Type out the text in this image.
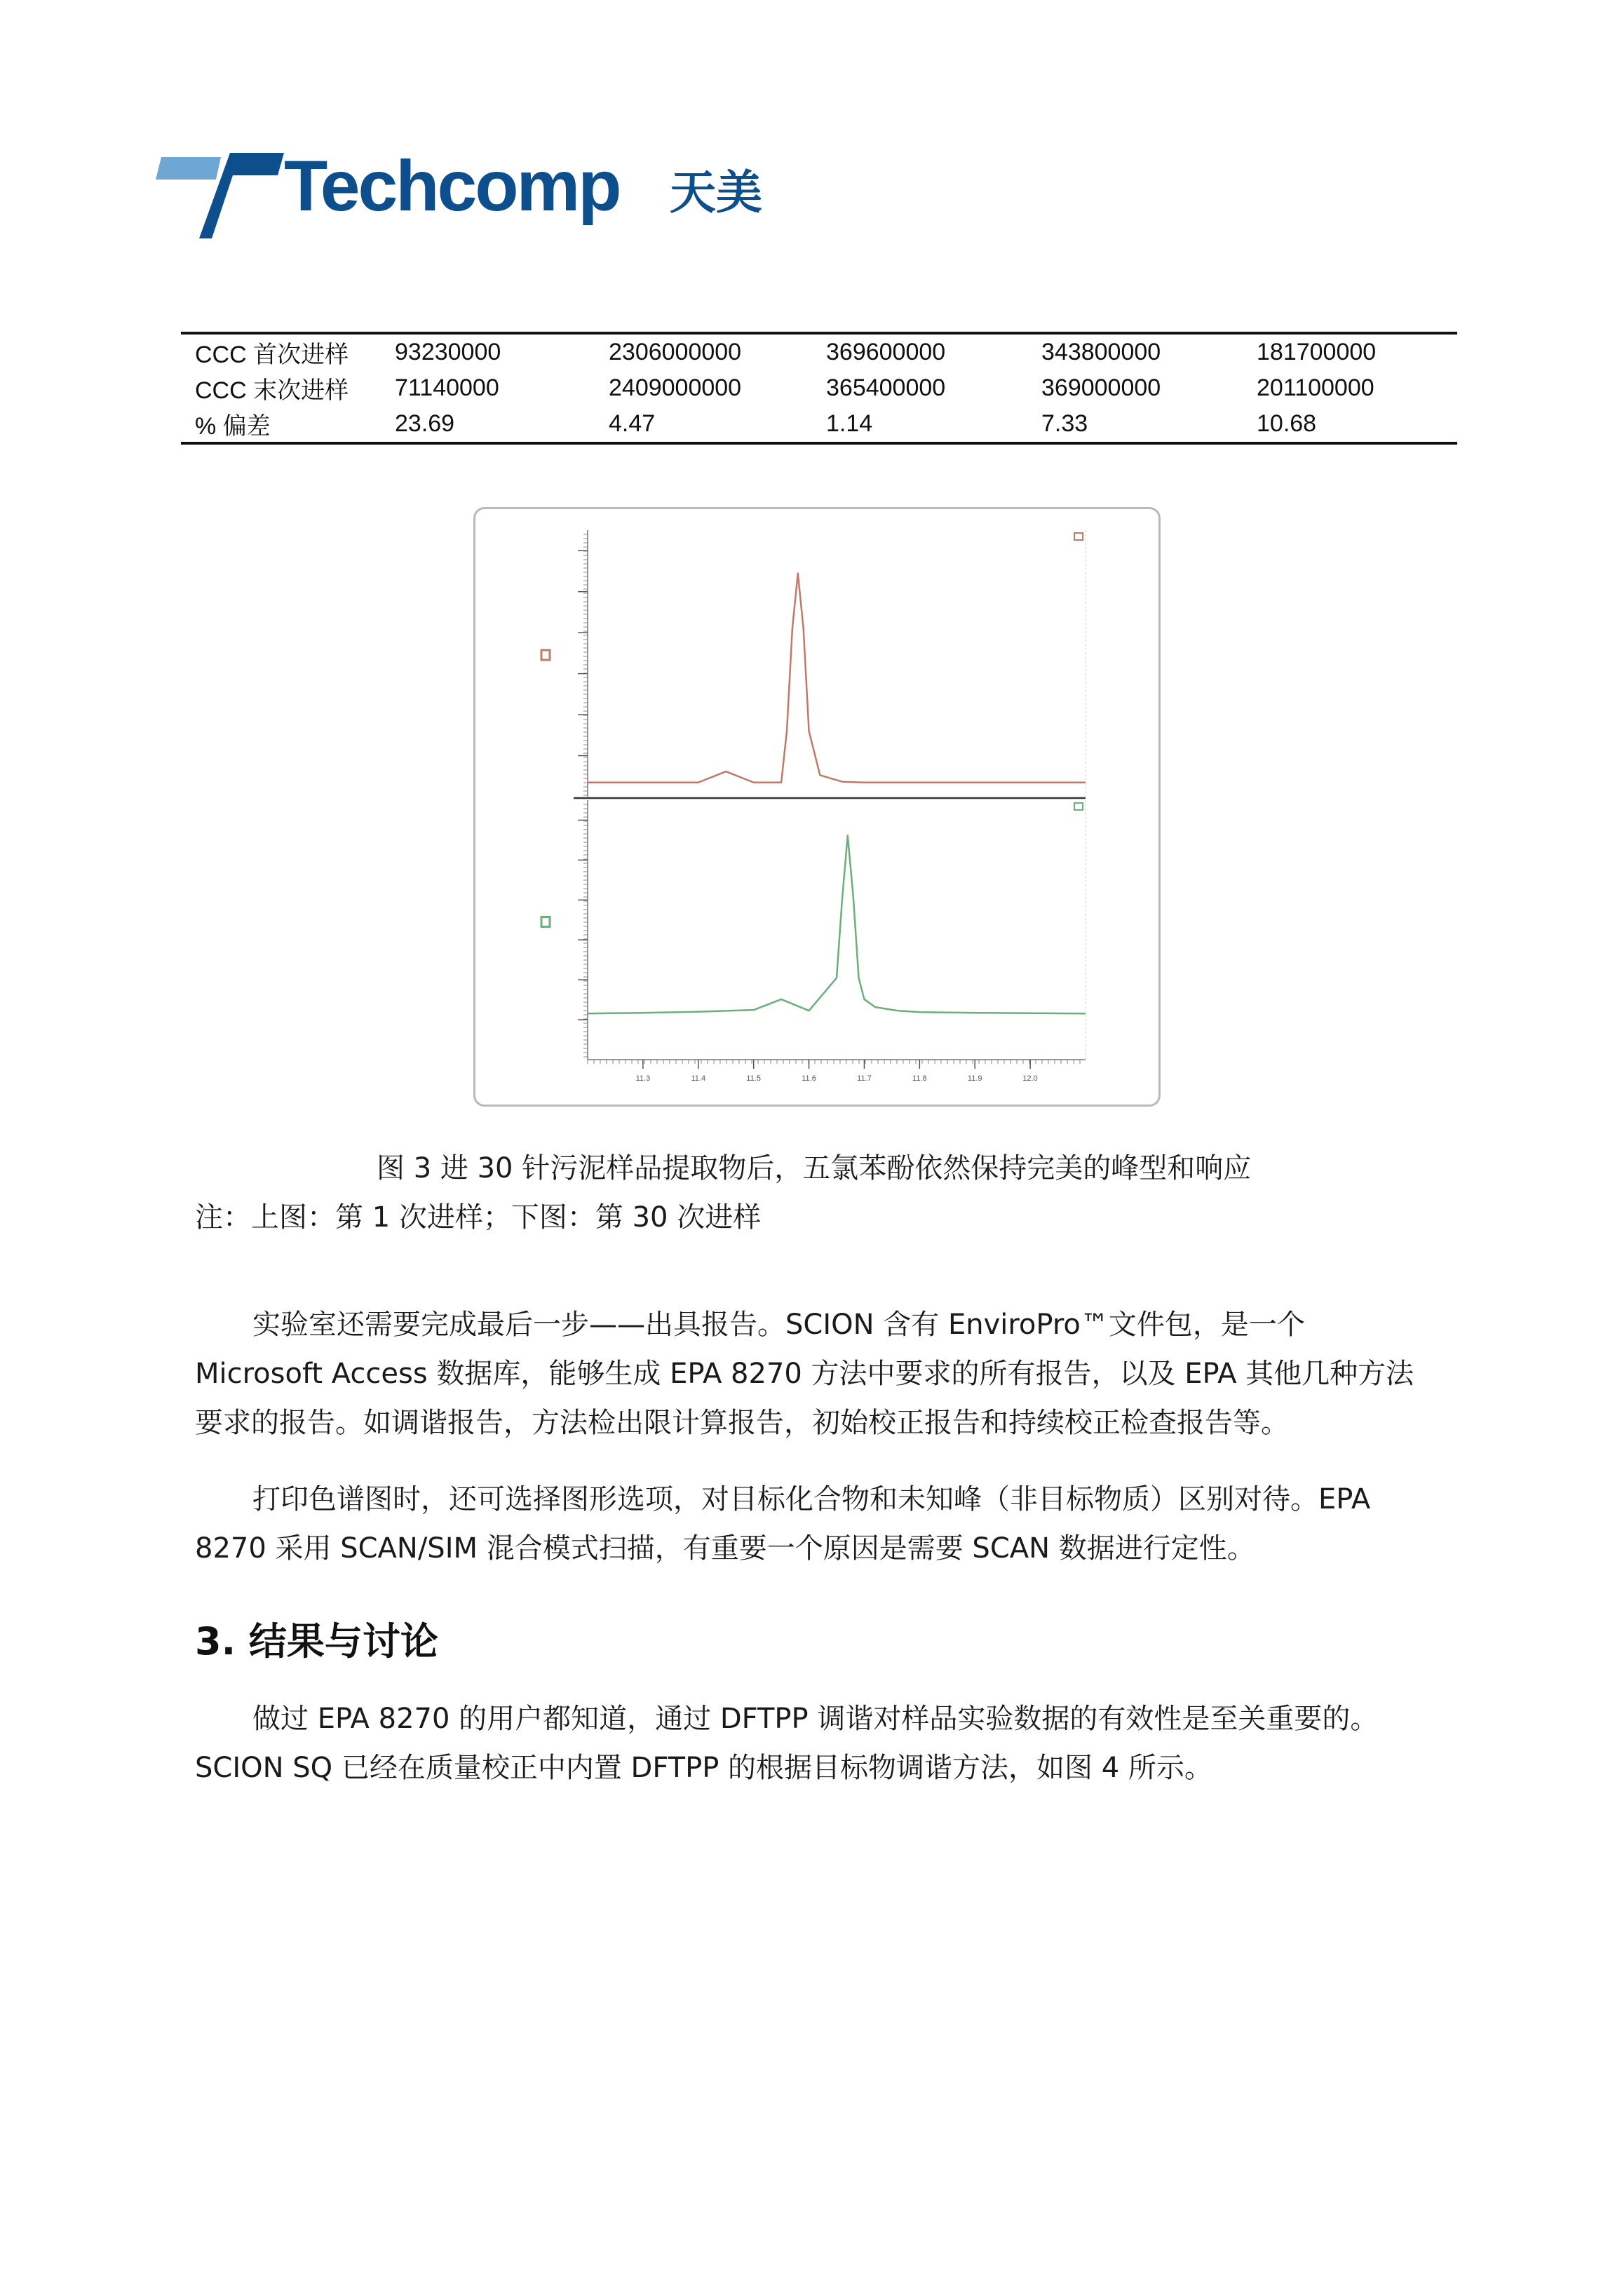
Techcomp 天美
CCC 首次进样	93230000	2306000000	369600000	343800000	181700000
CCC 末次进样	71140000	2409000000	365400000	369000000	201100000
% 偏差	23.69	4.47	1.14	7.33	10.68
11.3	11.4	11.5	11.6	11.7	11.8	11.9	12.0
图 3 进 30 针污泥样品提取物后，五氯苯酚依然保持完美的峰型和响应
注：上图：第 1 次进样；下图：第 30 次进样

实验室还需要完成最后一步——出具报告。SCION 含有 EnviroPro™文件包，是一个
Microsoft Access 数据库，能够生成 EPA 8270 方法中要求的所有报告，以及 EPA 其他几种方法
要求的报告。如调谐报告，方法检出限计算报告，初始校正报告和持续校正检查报告等。

打印色谱图时，还可选择图形选项，对目标化合物和未知峰（非目标物质）区别对待。EPA
8270 采用 SCAN/SIM 混合模式扫描，有重要一个原因是需要 SCAN 数据进行定性。

3. 结果与讨论

做过 EPA 8270 的用户都知道，通过 DFTPP 调谐对样品实验数据的有效性是至关重要的。
SCION SQ 已经在质量校正中内置 DFTPP 的根据目标物调谐方法，如图 4 所示。
